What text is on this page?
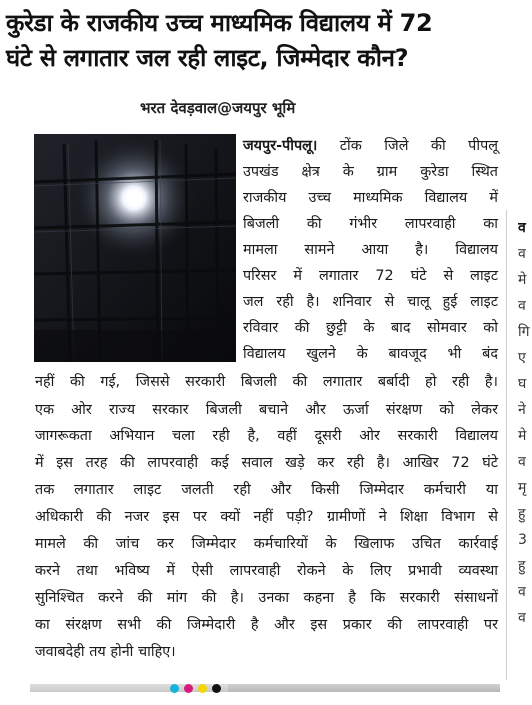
कुरेडा के राजकीय उच्च माध्यमिक विद्यालय में 72
घंटे से लगातार जल रही लाइट, जिम्मेदार कौन?
भरत देवड़वाल@जयपुर भूमि
जयपुर-पीपलू। टोंक जिले की पीपलू
उपखंड क्षेत्र के ग्राम कुरेडा स्थित
राजकीय उच्च माध्यमिक विद्यालय में
बिजली की गंभीर लापरवाही का
मामला सामने आया है। विद्यालय
परिसर में लगातार 72 घंटे से लाइट
जल रही है। शनिवार से चालू हुई लाइट
रविवार की छुट्टी के बाद सोमवार को
विद्यालय खुलने के बावजूद भी बंद
नहीं की गई, जिससे सरकारी बिजली की लगातार बर्बादी हो रही है।
एक ओर राज्य सरकार बिजली बचाने और ऊर्जा संरक्षण को लेकर
जागरूकता अभियान चला रही है, वहीं दूसरी ओर सरकारी विद्यालय
में इस तरह की लापरवाही कई सवाल खड़े कर रही है। आखिर 72 घंटे
तक लगातार लाइट जलती रही और किसी जिम्मेदार कर्मचारी या
अधिकारी की नजर इस पर क्यों नहीं पड़ी? ग्रामीणों ने शिक्षा विभाग से
मामले की जांच कर जिम्मेदार कर्मचारियों के खिलाफ उचित कार्रवाई
करने तथा भविष्य में ऐसी लापरवाही रोकने के लिए प्रभावी व्यवस्था
सुनिश्चित करने की मांग की है। उनका कहना है कि सरकारी संसाधनों
का संरक्षण सभी की जिम्मेदारी है और इस प्रकार की लापरवाही पर
जवाबदेही तय होनी चाहिए।
व
व
मे
व
गि
ए
घ
ने
मे
व
मृ
हु
3
हु
व
व
